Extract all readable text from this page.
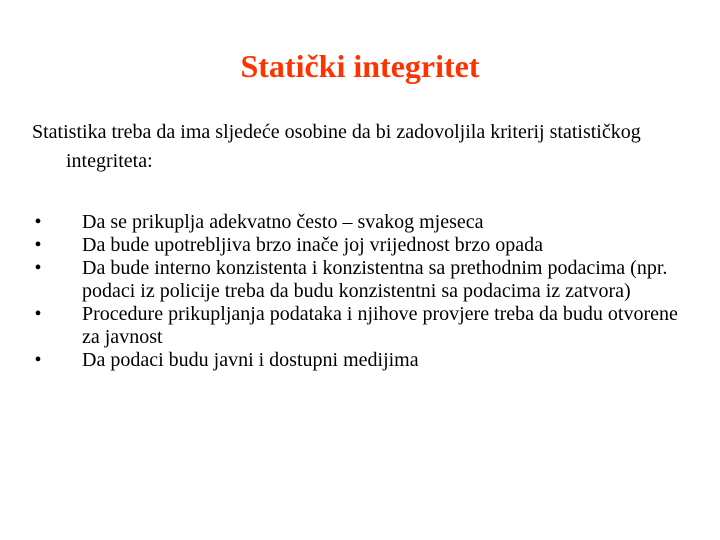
Statički integritet

Statistika treba da ima sljedeće osobine da bi zadovoljila kriterij statističkog integriteta:

• Da se prikuplja adekvatno često – svakog mjeseca
• Da bude upotrebljiva brzo inače joj vrijednost brzo opada
• Da bude interno konzistenta i konzistentna sa prethodnim podacima (npr. podaci iz policije treba da budu konzistentni sa podacima iz zatvora)
• Procedure prikupljanja podataka i njihove provjere treba da budu otvorene za javnost
• Da podaci budu javni i dostupni medijima
